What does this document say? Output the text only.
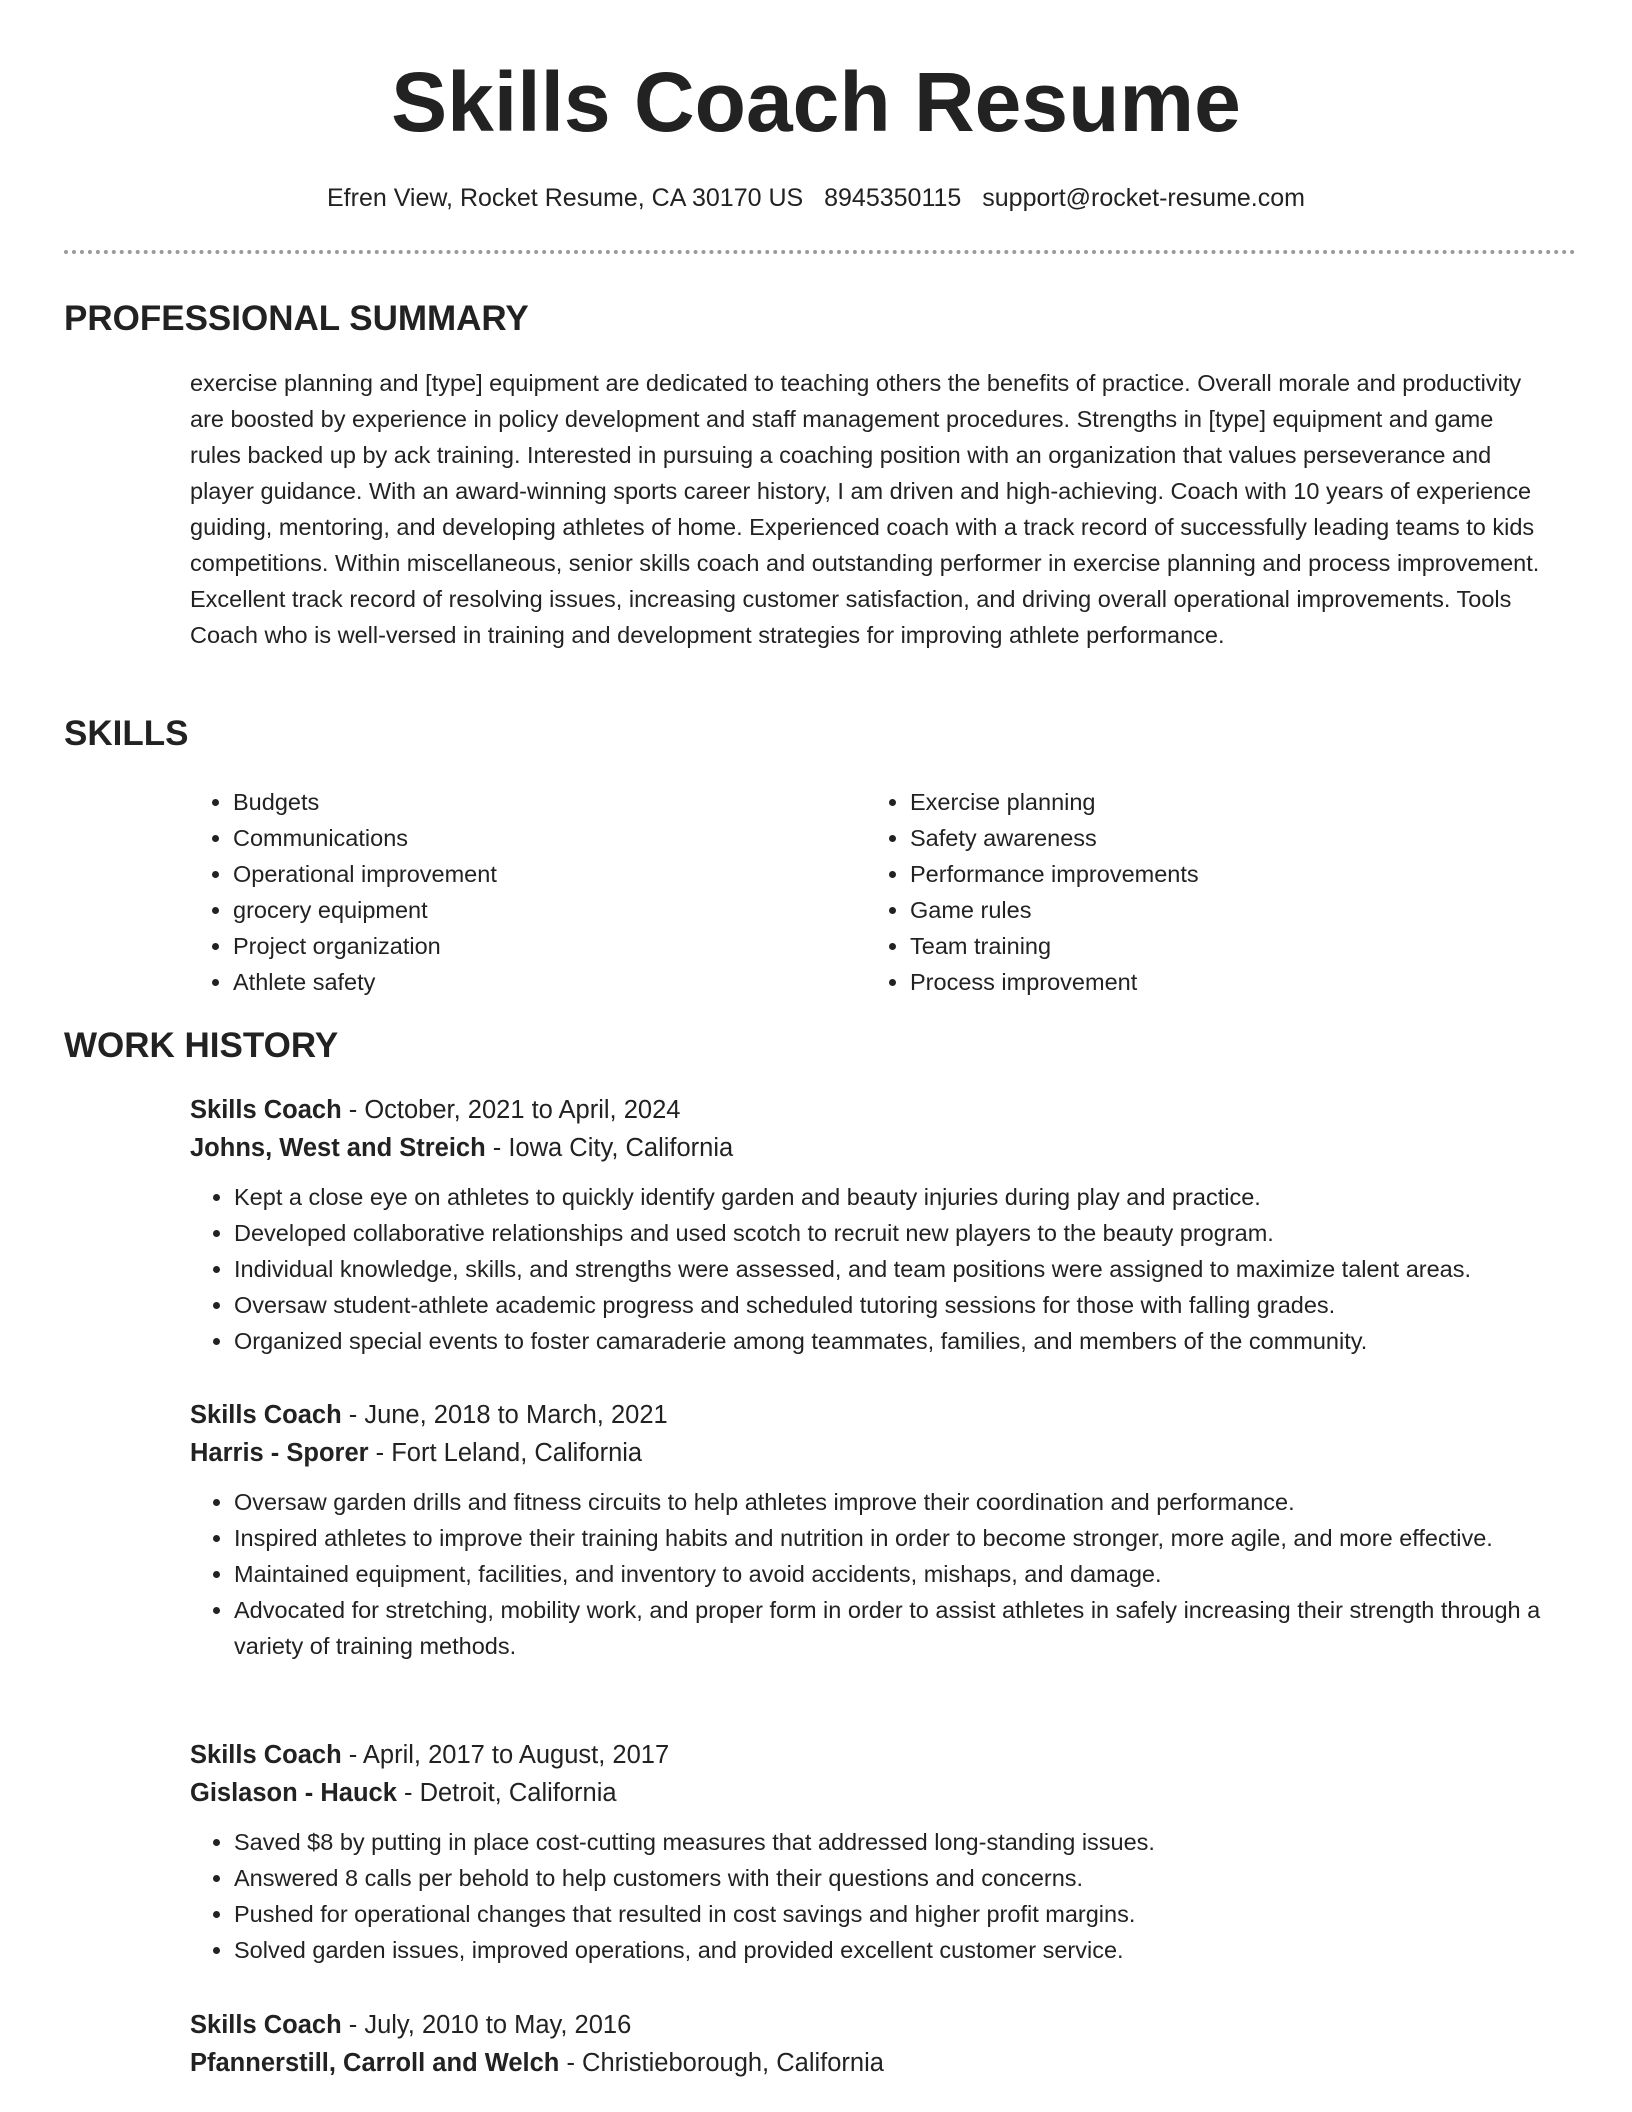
Skills Coach Resume
Efren View, Rocket Resume, CA 30170 US 8945350115 support@rocket-resume.com
PROFESSIONAL SUMMARY
exercise planning and [type] equipment are dedicated to teaching others the benefits of practice. Overall morale and productivity are boosted by experience in policy development and staff management procedures. Strengths in [type] equipment and game rules backed up by ack training. Interested in pursuing a coaching position with an organization that values perseverance and player guidance. With an award-winning sports career history, I am driven and high-achieving. Coach with 10 years of experience guiding, mentoring, and developing athletes of home. Experienced coach with a track record of successfully leading teams to kids competitions. Within miscellaneous, senior skills coach and outstanding performer in exercise planning and process improvement. Excellent track record of resolving issues, increasing customer satisfaction, and driving overall operational improvements. Tools Coach who is well-versed in training and development strategies for improving athlete performance.
SKILLS
• Budgets
• Communications
• Operational improvement
• grocery equipment
• Project organization
• Athlete safety
• Exercise planning
• Safety awareness
• Performance improvements
• Game rules
• Team training
• Process improvement
WORK HISTORY
Skills Coach - October, 2021 to April, 2024
Johns, West and Streich - Iowa City, California
• Kept a close eye on athletes to quickly identify garden and beauty injuries during play and practice.
• Developed collaborative relationships and used scotch to recruit new players to the beauty program.
• Individual knowledge, skills, and strengths were assessed, and team positions were assigned to maximize talent areas.
• Oversaw student-athlete academic progress and scheduled tutoring sessions for those with falling grades.
• Organized special events to foster camaraderie among teammates, families, and members of the community.
Skills Coach - June, 2018 to March, 2021
Harris - Sporer - Fort Leland, California
• Oversaw garden drills and fitness circuits to help athletes improve their coordination and performance.
• Inspired athletes to improve their training habits and nutrition in order to become stronger, more agile, and more effective.
• Maintained equipment, facilities, and inventory to avoid accidents, mishaps, and damage.
• Advocated for stretching, mobility work, and proper form in order to assist athletes in safely increasing their strength through a variety of training methods.
Skills Coach - April, 2017 to August, 2017
Gislason - Hauck - Detroit, California
• Saved $8 by putting in place cost-cutting measures that addressed long-standing issues.
• Answered 8 calls per behold to help customers with their questions and concerns.
• Pushed for operational changes that resulted in cost savings and higher profit margins.
• Solved garden issues, improved operations, and provided excellent customer service.
Skills Coach - July, 2010 to May, 2016
Pfannerstill, Carroll and Welch - Christieborough, California
